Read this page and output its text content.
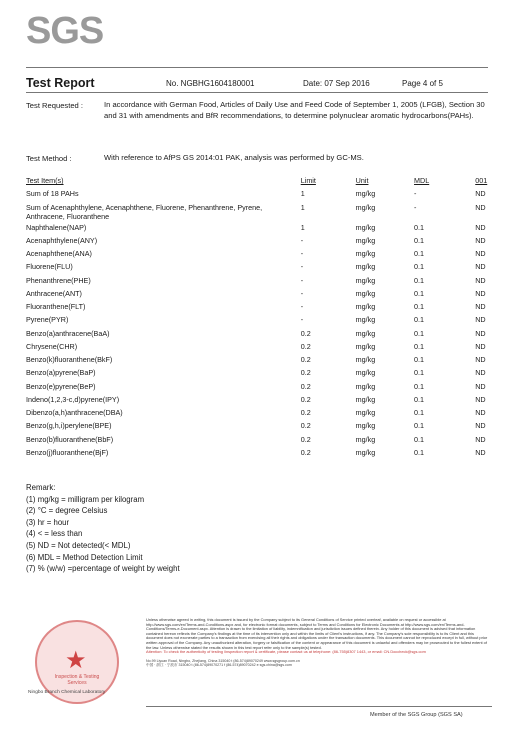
SGS
Test Report	No. NGBHG1604180001	Date: 07 Sep 2016	Page 4 of 5
Test Requested :	In accordance with German Food, Articles of Daily Use and Feed Code of September 1, 2005 (LFGB), Section 30 and 31 with amendments and BfR recommendations, to determine polynuclear aromatic hydrocarbons(PAHs).
Test Method :	With reference to AfPS GS 2014:01 PAK, analysis was performed by GC-MS.
Test Item(s)	Limit	Unit	MDL	001
Sum of 18 PAHs	1	mg/kg	-	ND
Sum of Acenaphthylene, Acenaphthene, Fluorene, Phenanthrene, Pyrene, Anthracene, Fluoranthene	1	mg/kg	-	ND
Naphthalene(NAP)	1	mg/kg	0.1	ND
Acenaphthylene(ANY)	-	mg/kg	0.1	ND
Acenaphthene(ANA)	-	mg/kg	0.1	ND
Fluorene(FLU)	-	mg/kg	0.1	ND
Phenanthrene(PHE)	-	mg/kg	0.1	ND
Anthracene(ANT)	-	mg/kg	0.1	ND
Fluoranthene(FLT)	-	mg/kg	0.1	ND
Pyrene(PYR)	-	mg/kg	0.1	ND
Benzo(a)anthracene(BaA)	0.2	mg/kg	0.1	ND
Chrysene(CHR)	0.2	mg/kg	0.1	ND
Benzo(k)fluoranthene(BkF)	0.2	mg/kg	0.1	ND
Benzo(a)pyrene(BaP)	0.2	mg/kg	0.1	ND
Benzo(e)pyrene(BeP)	0.2	mg/kg	0.1	ND
Indeno(1,2,3-c,d)pyrene(IPY)	0.2	mg/kg	0.1	ND
Dibenzo(a,h)anthracene(DBA)	0.2	mg/kg	0.1	ND
Benzo(g,h,i)perylene(BPE)	0.2	mg/kg	0.1	ND
Benzo(b)fluoranthene(BbF)	0.2	mg/kg	0.1	ND
Benzo(j)fluoranthene(BjF)	0.2	mg/kg	0.1	ND
Remark:
(1) mg/kg = milligram per kilogram
(2) °C = degree Celsius
(3) hr = hour
(4) < = less than
(5) ND = Not detected(< MDL)
(6) MDL = Method Detection Limit
(7) % (w/w) =percentage of weight by weight
★
Inspection & Testing Services
Ningbo Branch Chemical Laboratory
Unless otherwise agreed in writing, this document is issued by the Company subject to its General Conditions of Service printed overleaf, available on request or accessible at http://www.sgs.com/en/Terms-and-Conditions.aspx and, for electronic format documents, subject to Terms and Conditions for Electronic Documents at http://www.sgs.com/en/Terms-and-Conditions/Terms-e-Document.aspx. Attention is drawn to the limitation of liability, indemnification and jurisdiction issues defined therein. Any holder of this document is advised that information contained hereon reflects the Company's findings at the time of its intervention only and within the limits of Client's instructions, if any. The Company's sole responsibility is to its Client and this document does not exonerate parties to a transaction from exercising all their rights and obligations under the transaction documents. This document cannot be reproduced except in full, without prior written approval of the Company. Any unauthorized alteration, forgery or falsification of the content or appearance of this document is unlawful and offenders may be prosecuted to the fullest extent of the law. Unless otherwise stated the results shown in this test report refer only to the sample(s) tested.
Attention: To check the authenticity of testing /inspection report & certificate, please contact us at telephone: (86-755)8307 1443, or email: CN.Doccheck@sgs.com
No.99 Liyuan Road, Ningbo, Zhejiang, China 315040 t (86-574)89070249 www.sgsgroup.com.cn
中国 · 浙江 · 宁波市 315040 t (86-574)89070271 f (86-574)89070242 e sgs.china@sgs.com
Member of the SGS Group (SGS SA)
